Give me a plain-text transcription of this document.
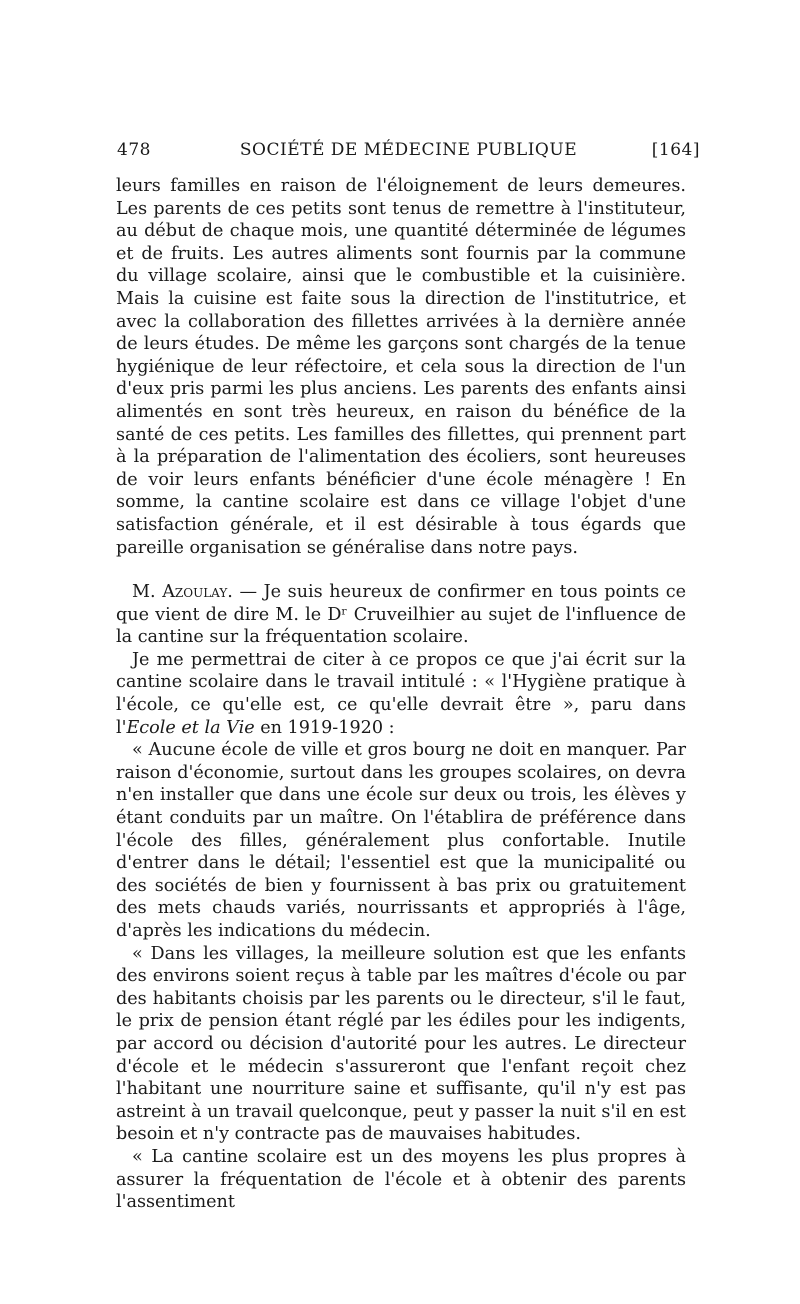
478	SOCIÉTÉ DE MÉDECINE PUBLIQUE	[164]

leurs familles en raison de l'éloignement de leurs demeures. Les parents de ces petits sont tenus de remettre à l'instituteur, au début de chaque mois, une quantité déterminée de légumes et de fruits. Les autres aliments sont fournis par la commune du village scolaire, ainsi que le combustible et la cuisinière. Mais la cuisine est faite sous la direction de l'institutrice, et avec la collaboration des fillettes arrivées à la dernière année de leurs études. De même les garçons sont chargés de la tenue hygiénique de leur réfectoire, et cela sous la direction de l'un d'eux pris parmi les plus anciens. Les parents des enfants ainsi alimentés en sont très heureux, en raison du bénéfice de la santé de ces petits. Les familles des fillettes, qui prennent part à la préparation de l'alimentation des écoliers, sont heureuses de voir leurs enfants bénéficier d'une école ménagère ! En somme, la cantine scolaire est dans ce village l'objet d'une satisfaction générale, et il est désirable à tous égards que pareille organisation se généralise dans notre pays.

M. Azoulay. — Je suis heureux de confirmer en tous points ce que vient de dire M. le Dʳ Cruveilhier au sujet de l'influence de la cantine sur la fréquentation scolaire.

Je me permettrai de citer à ce propos ce que j'ai écrit sur la cantine scolaire dans le travail intitulé : « l'Hygiène pratique à l'école, ce qu'elle est, ce qu'elle devrait être », paru dans l'Ecole et la Vie en 1919-1920 :

« Aucune école de ville et gros bourg ne doit en manquer. Par raison d'économie, surtout dans les groupes scolaires, on devra n'en installer que dans une école sur deux ou trois, les élèves y étant conduits par un maître. On l'établira de préférence dans l'école des filles, généralement plus confortable. Inutile d'entrer dans le détail; l'essentiel est que la municipalité ou des sociétés de bien y fournissent à bas prix ou gratuitement des mets chauds variés, nourrissants et appropriés à l'âge, d'après les indications du médecin.

« Dans les villages, la meilleure solution est que les enfants des environs soient reçus à table par les maîtres d'école ou par des habitants choisis par les parents ou le directeur, s'il le faut, le prix de pension étant réglé par les édiles pour les indigents, par accord ou décision d'autorité pour les autres. Le directeur d'école et le médecin s'assureront que l'enfant reçoit chez l'habitant une nourriture saine et suffisante, qu'il n'y est pas astreint à un travail quelconque, peut y passer la nuit s'il en est besoin et n'y contracte pas de mauvaises habitudes.

« La cantine scolaire est un des moyens les plus propres à assurer la fréquentation de l'école et à obtenir des parents l'assentiment
